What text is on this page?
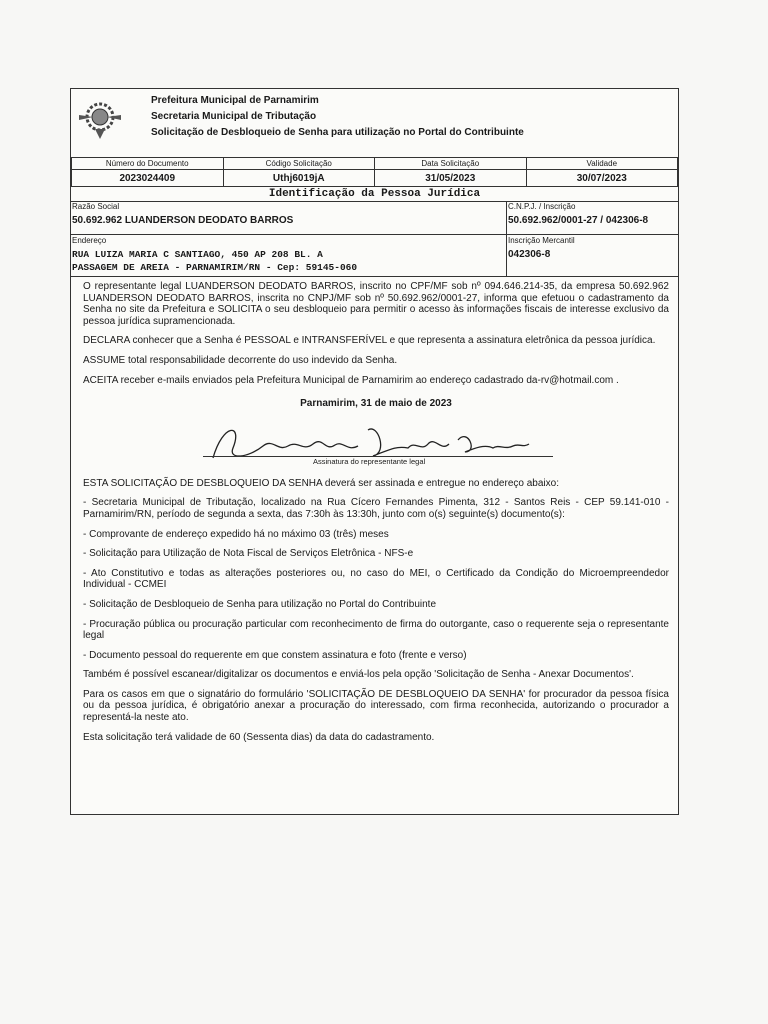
Prefeitura Municipal de Parnamirim
Secretaria Municipal de Tributação
Solicitação de Desbloqueio de Senha para utilização no Portal do Contribuinte
Número do Documento	Código Solicitação	Data Solicitação	Validade
2023024409	Uthj6019jA	31/05/2023	30/07/2023
Identificação da Pessoa Jurídica
Razão Social
50.692.962 LUANDERSON DEODATO BARROS
C.N.P.J. / Inscrição
50.692.962/0001-27 / 042306-8
Endereço
RUA LUIZA MARIA C SANTIAGO, 450 AP 208 BL. A
PASSAGEM DE AREIA - PARNAMIRIM/RN - Cep: 59145-060
Inscrição Mercantil
042306-8

O representante legal LUANDERSON DEODATO BARROS, inscrito no CPF/MF sob nº 094.646.214-35, da empresa 50.692.962 LUANDERSON DEODATO BARROS, inscrita no CNPJ/MF sob nº 50.692.962/0001-27, informa que efetuou o cadastramento da Senha no site da Prefeitura e SOLICITA o seu desbloqueio para permitir o acesso às informações fiscais de interesse exclusivo da pessoa jurídica supramencionada.

DECLARA conhecer que a Senha é PESSOAL e INTRANSFERÍVEL e que representa a assinatura eletrônica da pessoa jurídica.

ASSUME total responsabilidade decorrente do uso indevido da Senha.

ACEITA receber e-mails enviados pela Prefeitura Municipal de Parnamirim ao endereço cadastrado da-rv@hotmail.com .

Parnamirim, 31 de maio de 2023

Assinatura do representante legal

ESTA SOLICITAÇÃO DE DESBLOQUEIO DA SENHA deverá ser assinada e entregue no endereço abaixo:

- Secretaria Municipal de Tributação, localizado na Rua Cícero Fernandes Pimenta, 312 - Santos Reis - CEP 59.141-010 - Parnamirim/RN, período de segunda a sexta, das 7:30h às 13:30h, junto com o(s) seguinte(s) documento(s):

- Comprovante de endereço expedido há no máximo 03 (três) meses

- Solicitação para Utilização de Nota Fiscal de Serviços Eletrônica - NFS-e

- Ato Constitutivo e todas as alterações posteriores ou, no caso do MEI, o Certificado da Condição do Microempreendedor Individual - CCMEI

- Solicitação de Desbloqueio de Senha para utilização no Portal do Contribuinte

- Procuração pública ou procuração particular com reconhecimento de firma do outorgante, caso o requerente seja o representante legal

- Documento pessoal do requerente em que constem assinatura e foto (frente e verso)

Também é possível escanear/digitalizar os documentos e enviá-los pela opção 'Solicitação de Senha - Anexar Documentos'.

Para os casos em que o signatário do formulário 'SOLICITAÇÃO DE DESBLOQUEIO DA SENHA' for procurador da pessoa física ou da pessoa jurídica, é obrigatório anexar a procuração do interessado, com firma reconhecida, autorizando o procurador a representá-la neste ato.

Esta solicitação terá validade de 60 (Sessenta dias) da data do cadastramento.
